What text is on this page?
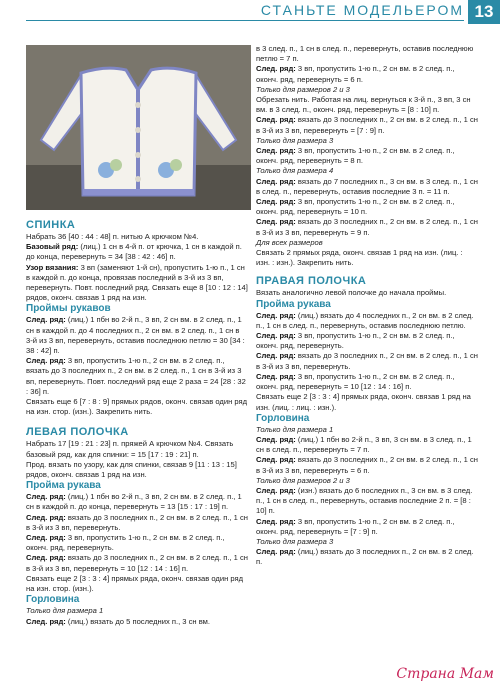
СТАНЬТЕ МОДЕЛЬЕРОМ 13

СПИНКА

Набрать 36 [40 : 44 : 48] п. нитью А крючком №4.

Базовый ряд: (лиц.) 1 сн в 4-й п. от крючка, 1 сн в каждой п. до конца, перевернуть = 34 [38 : 42 : 46] п.

Узор вязания: 3 вп (заменяют 1-й сн), пропустить 1-ю п., 1 сн в каждой п. до конца, провязав последний в 3-й из 3 вп, перевернуть. Повт. последний ряд. Связать еще 8 [10 : 12 : 14] рядов, оконч. связав 1 ряд на изн.

Проймы рукавов

След. ряд: (лиц.) 1 пбн во 2-й п., 3 вп, 2 сн вм. в 2 след. п., 1 сн в каждой п. до 4 последних п., 2 сн вм. в 2 след. п., 1 сн в 3-й из 3 вп, перевернуть, оставив последнюю петлю = 30 [34 : 38 : 42] п.

След. ряд: 3 вп, пропустить 1-ю п., 2 сн вм. в 2 след. п., вязать до 3 последних п., 2 сн вм. в 2 след. п., 1 сн в 3-й из 3 вп, перевернуть. Повт. последний ряд еще 2 раза = 24 [28 : 32 : 36] п.

Связать еще 6 [7 : 8 : 9] прямых рядов, оконч. связав один ряд на изн. стор. (изн.). Закрепить нить.

ЛЕВАЯ ПОЛОЧКА

Набрать 17 [19 : 21 : 23] п. пряжей А крючком №4. Связать базовый ряд, как для спинки: = 15 [17 : 19 : 21] п.

Прод. вязать по узору, как для спинки, связав 9 [11 : 13 : 15] рядов, оконч. связав 1 ряд на изн.

Пройма рукава

След. ряд: (лиц.) 1 пбн во 2-й п., 3 вп, 2 сн вм. в 2 след. п., 1 сн в каждой п. до конца, перевернуть = 13 [15 : 17 : 19] п.

След. ряд: вязать до 3 последних п., 2 сн вм. в 2 след. п., 1 сн в 3-й из 3 вп, перевернуть.

След. ряд: 3 вп, пропустить 1-ю п., 2 сн вм. в 2 след. п., оконч. ряд, перевернуть.

След. ряд: вязать до 3 последних п., 2 сн вм. в 2 след. п., 1 сн в 3-й из 3 вп, перевернуть = 10 [12 : 14 : 16] п.

Связать еще 2 [3 : 3 : 4] прямых ряда, оконч. связав один ряд на изн. стор. (изн.).

Горловина

Только для размера 1

След. ряд: (лиц.) вязать до 5 последних п., 3 сн вм.

в 3 след. п., 1 сн в след. п., перевернуть, оставив последнюю петлю = 7 п.

След. ряд: 3 вп, пропустить 1-ю п., 2 сн вм. в 2 след. п., оконч. ряд, перевернуть = 6 п.

Только для размеров 2 и 3

Обрезать нить. Работая на лиц. вернуться к 3-й п., 3 вп, 3 сн вм. в 3 след. п., оконч. ряд, перевернуть = [8 : 10] п.

След. ряд: вязать до 3 последних п., 2 сн вм. в 2 след. п., 1 сн в 3-й из 3 вп, перевернуть = [7 : 9] п.

Только для размера 3

След. ряд: 3 вп, пропустить 1-ю п., 2 сн вм. в 2 след. п., оконч. ряд, перевернуть = 8 п.

Только для размера 4

След. ряд: вязать до 7 последних п., 3 сн вм. в 3 след. п., 1 сн в след. п., перевернуть, оставив последние 3 п. = 11 п.

След. ряд: 3 вп, пропустить 1-ю п., 2 сн вм. в 2 след. п., оконч. ряд, перевернуть = 10 п.

След. ряд: вязать до 3 последних п., 2 сн вм. в 2 след. п., 1 сн в 3-й из 3 вп, перевернуть = 9 п.

Для всех размеров

Связать 2 прямых ряда, оконч. связав 1 ряд на изн. (лиц. : изн. : изн.). Закрепить нить.

ПРАВАЯ ПОЛОЧКА

Вязать аналогично левой полочке до начала проймы.

Пройма рукава

След. ряд: (лиц.) вязать до 4 последних п., 2 сн вм. в 2 след. п., 1 сн в след. п., перевернуть, оставив последнюю петлю.

След. ряд: 3 вп, пропустить 1-ю п., 2 сн вм. в 2 след. п., оконч. ряд, перевернуть.

След. ряд: вязать до 3 последних п., 2 сн вм. в 2 след. п., 1 сн в 3-й из 3 вп, перевернуть.

След. ряд: 3 вп, пропустить 1-ю п., 2 сн вм. в 2 след. п., оконч. ряд, перевернуть = 10 [12 : 14 : 16] п.

Связать еще 2 [3 : 3 : 4] прямых ряда, оконч. связав 1 ряд на изн. (лиц. : лиц. : изн.).

Горловина

Только для размера 1

След. ряд: (лиц.) 1 пбн во 2-й п., 3 вп, 3 сн вм. в 3 след. п., 1 сн в след. п., перевернуть = 7 п.

След. ряд: вязать до 3 последних п., 2 сн вм. в 2 след. п., 1 сн в 3-й из 3 вп, перевернуть = 6 п.

Только для размеров 2 и 3

След. ряд: (изн.) вязать до 6 последних п., 3 сн вм. в 3 след. п., 1 сн в след. п., перевернуть, оставив последние 2 п. = [8 : 10] п.

След. ряд: 3 вп, пропустить 1-ю п., 2 сн вм. в 2 след. п., оконч. ряд, перевернуть = [7 : 9] п.

Только для размера 3

След. ряд: (лиц.) вязать до 3 последних п., 2 сн вм. в 2 след. п.

Страна Мам
